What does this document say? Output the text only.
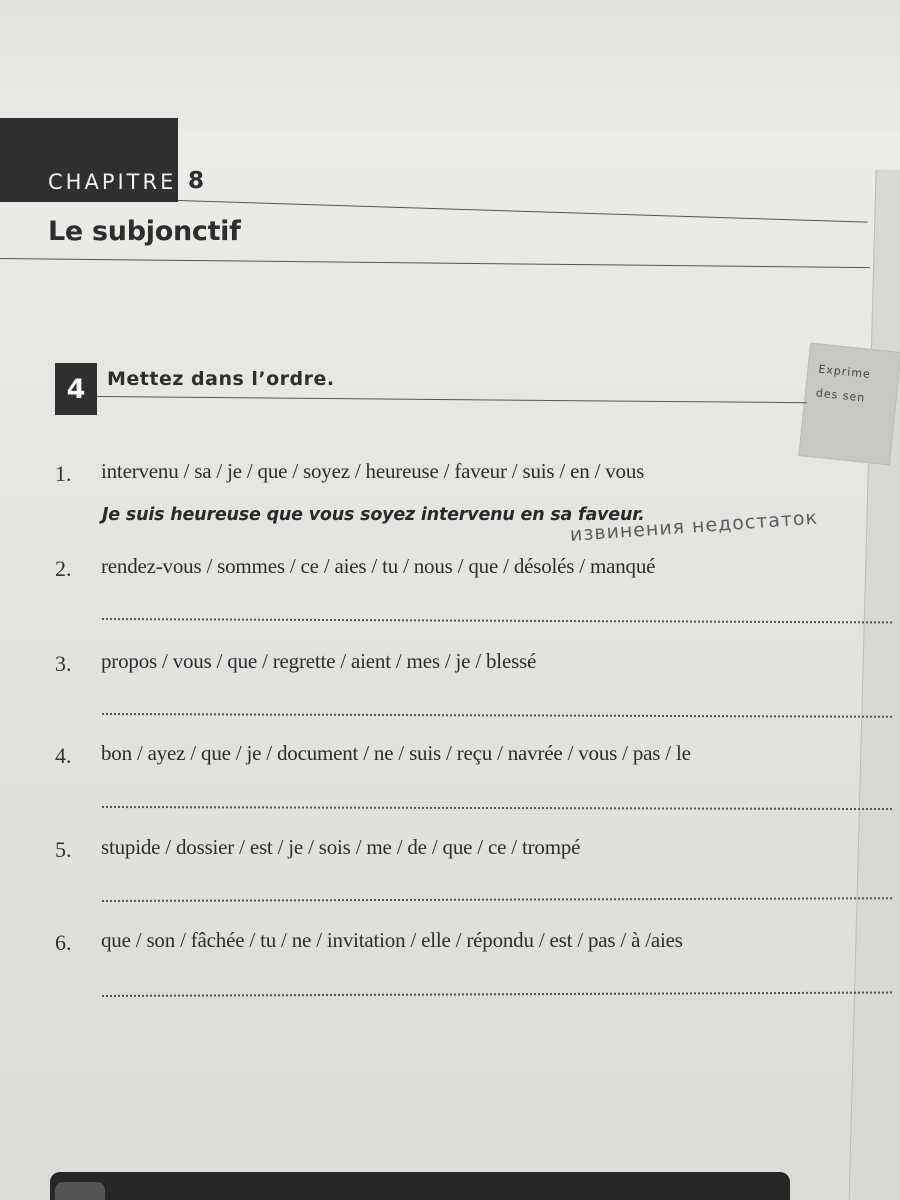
CHAPITRE 8
Le subjonctif
Exprime
des sen
4	Mettez dans l’ordre.
1. intervenu / sa / je / que / soyez / heureuse / faveur / suis / en / vous
Je suis heureuse que vous soyez intervenu en sa faveur.
извинения недостаток
2. rendez-vous / sommes / ce / aies / tu / nous / que / désolés / manqué
3. propos / vous / que / regrette / aient / mes / je / blessé
4. bon / ayez / que / je / document / ne / suis / reçu / navrée / vous / pas / le
5. stupide / dossier / est / je / sois / me / de / que / ce / trompé
6. que / son / fâchée / tu / ne / invitation / elle / répondu / est / pas / à /aies
